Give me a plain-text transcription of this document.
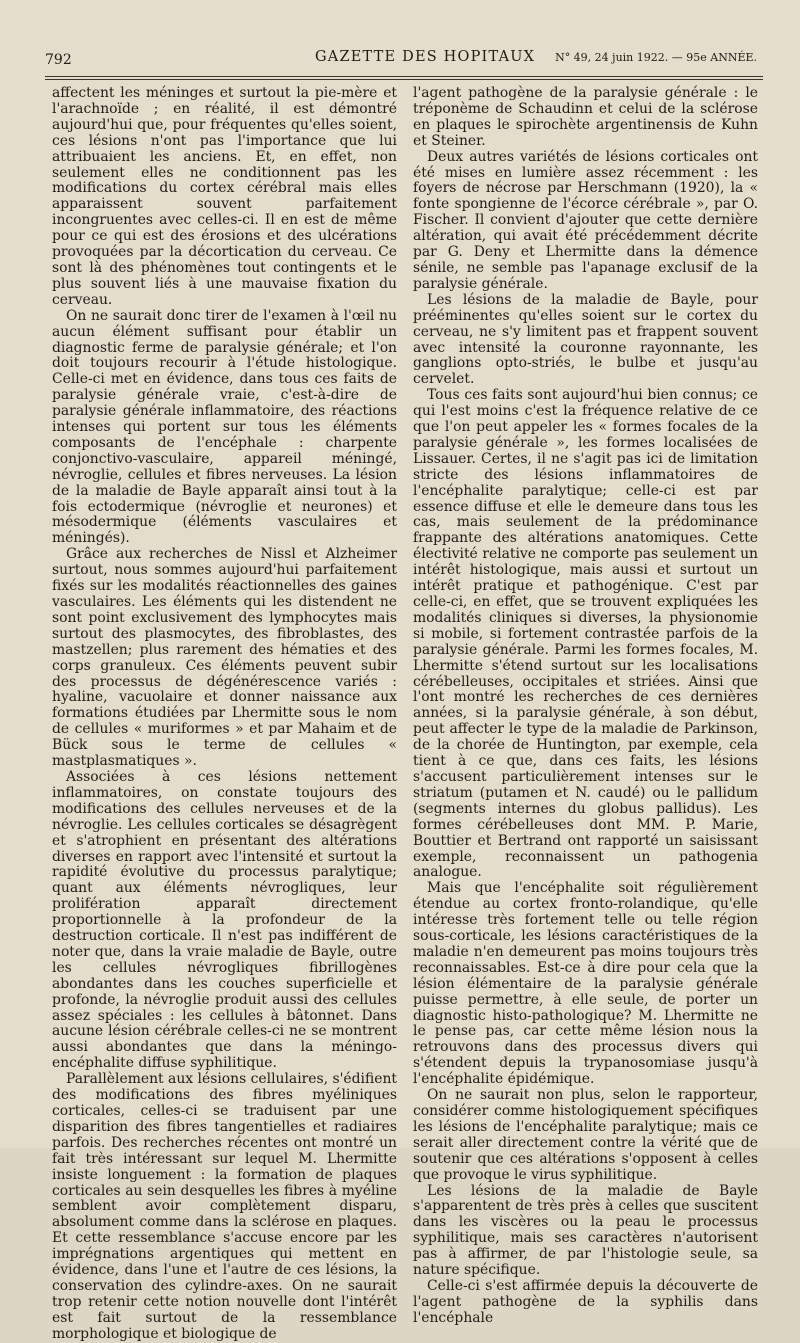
792	GAZETTE DES HOPITAUX N° 49, 24 juin 1922. — 95e ANNÉE.

affectent les méninges et surtout la pie-mère et l'arachnoïde ; en réalité, il est démontré aujourd'hui que, pour fréquentes qu'elles soient, ces lésions n'ont pas l'importance que lui attribuaient les anciens. Et, en effet, non seulement elles ne conditionnent pas les modifications du cortex cérébral mais elles apparaissent souvent parfaitement incongruentes avec celles-ci. Il en est de même pour ce qui est des érosions et des ulcérations provoquées par la décortication du cerveau. Ce sont là des phénomènes tout contingents et le plus souvent liés à une mauvaise fixation du cerveau.

On ne saurait donc tirer de l'examen à l'œil nu aucun élément suffisant pour établir un diagnostic ferme de paralysie générale; et l'on doit toujours recourir à l'étude histologique. Celle-ci met en évidence, dans tous ces faits de paralysie générale vraie, c'est-à-dire de paralysie générale inflammatoire, des réactions intenses qui portent sur tous les éléments composants de l'encéphale : charpente conjonctivo-vasculaire, appareil méningé, névroglie, cellules et fibres nerveuses. La lésion de la maladie de Bayle apparaît ainsi tout à la fois ectodermique (névroglie et neurones) et mésodermique (éléments vasculaires et méningés).

Grâce aux recherches de Nissl et Alzheimer surtout, nous sommes aujourd'hui parfaitement fixés sur les modalités réactionnelles des gaines vasculaires. Les éléments qui les distendent ne sont point exclusivement des lymphocytes mais surtout des plasmocytes, des fibroblastes, des mastzellen; plus rarement des hématies et des corps granuleux. Ces éléments peuvent subir des processus de dégénérescence variés : hyaline, vacuolaire et donner naissance aux formations étudiées par Lhermitte sous le nom de cellules « muriformes » et par Mahaim et de Bück sous le terme de cellules « mastplasmatiques ».

Associées à ces lésions nettement inflammatoires, on constate toujours des modifications des cellules nerveuses et de la névroglie. Les cellules corticales se désagrègent et s'atrophient en présentant des altérations diverses en rapport avec l'intensité et surtout la rapidité évolutive du processus paralytique; quant aux éléments névrogliques, leur prolifération apparaît directement proportionnelle à la profondeur de la destruction corticale. Il n'est pas indifférent de noter que, dans la vraie maladie de Bayle, outre les cellules névrogliques fibrillogènes abondantes dans les couches superficielle et profonde, la névroglie produit aussi des cellules assez spéciales : les cellules à bâtonnet. Dans aucune lésion cérébrale celles-ci ne se montrent aussi abondantes que dans la méningo-encéphalite diffuse syphilitique.

Parallèlement aux lésions cellulaires, s'édifient des modifications des fibres myéliniques corticales, celles-ci se traduisent par une disparition des fibres tangentielles et radiaires parfois. Des recherches récentes ont montré un fait très intéressant sur lequel M. Lhermitte insiste longuement : la formation de plaques corticales au sein desquelles les fibres à myéline semblent avoir complètement disparu, absolument comme dans la sclérose en plaques. Et cette ressemblance s'accuse encore par les imprégnations argentiques qui mettent en évidence, dans l'une et l'autre de ces lésions, la conservation des cylindre-axes. On ne saurait trop retenir cette notion nouvelle dont l'intérêt est fait surtout de la ressemblance morphologique et biologique de

l'agent pathogène de la paralysie générale : le tréponème de Schaudinn et celui de la sclérose en plaques le spirochète argentinensis de Kuhn et Steiner.

Deux autres variétés de lésions corticales ont été mises en lumière assez récemment : les foyers de nécrose par Herschmann (1920), la « fonte spongienne de l'écorce cérébrale », par O. Fischer. Il convient d'ajouter que cette dernière altération, qui avait été précédemment décrite par G. Deny et Lhermitte dans la démence sénile, ne semble pas l'apanage exclusif de la paralysie générale.

Les lésions de la maladie de Bayle, pour prééminentes qu'elles soient sur le cortex du cerveau, ne s'y limitent pas et frappent souvent avec intensité la couronne rayonnante, les ganglions opto-striés, le bulbe et jusqu'au cervelet.

Tous ces faits sont aujourd'hui bien connus; ce qui l'est moins c'est la fréquence relative de ce que l'on peut appeler les « formes focales de la paralysie générale », les formes localisées de Lissauer. Certes, il ne s'agit pas ici de limitation stricte des lésions inflammatoires de l'encéphalite paralytique; celle-ci est par essence diffuse et elle le demeure dans tous les cas, mais seulement de la prédominance frappante des altérations anatomiques. Cette électivité relative ne comporte pas seulement un intérêt histologique, mais aussi et surtout un intérêt pratique et pathogénique. C'est par celle-ci, en effet, que se trouvent expliquées les modalités cliniques si diverses, la physionomie si mobile, si fortement contrastée parfois de la paralysie générale. Parmi les formes focales, M. Lhermitte s'étend surtout sur les localisations cérébelleuses, occipitales et striées. Ainsi que l'ont montré les recherches de ces dernières années, si la paralysie générale, à son début, peut affecter le type de la maladie de Parkinson, de la chorée de Huntington, par exemple, cela tient à ce que, dans ces faits, les lésions s'accusent particulièrement intenses sur le striatum (putamen et N. caudé) ou le pallidum (segments internes du globus pallidus). Les formes cérébelleuses dont MM. P. Marie, Bouttier et Bertrand ont rapporté un saisissant exemple, reconnaissent un pathogenia analogue.

Mais que l'encéphalite soit régulièrement étendue au cortex fronto-rolandique, qu'elle intéresse très fortement telle ou telle région sous-corticale, les lésions caractéristiques de la maladie n'en demeurent pas moins toujours très reconnaissables. Est-ce à dire pour cela que la lésion élémentaire de la paralysie générale puisse permettre, à elle seule, de porter un diagnostic histo-pathologique? M. Lhermitte ne le pense pas, car cette même lésion nous la retrouvons dans des processus divers qui s'étendent depuis la trypanosomiase jusqu'à l'encéphalite épidémique.

On ne saurait non plus, selon le rapporteur, considérer comme histologiquement spécifiques les lésions de l'encéphalite paralytique; mais ce serait aller directement contre la vérité que de soutenir que ces altérations s'opposent à celles que provoque le virus syphilitique.

Les lésions de la maladie de Bayle s'apparentent de très près à celles que suscitent dans les viscères ou la peau le processus syphilitique, mais ses caractères n'autorisent pas à affirmer, de par l'histologie seule, sa nature spécifique.

Celle-ci s'est affirmée depuis la découverte de l'agent pathogène de la syphilis dans l'encéphale
